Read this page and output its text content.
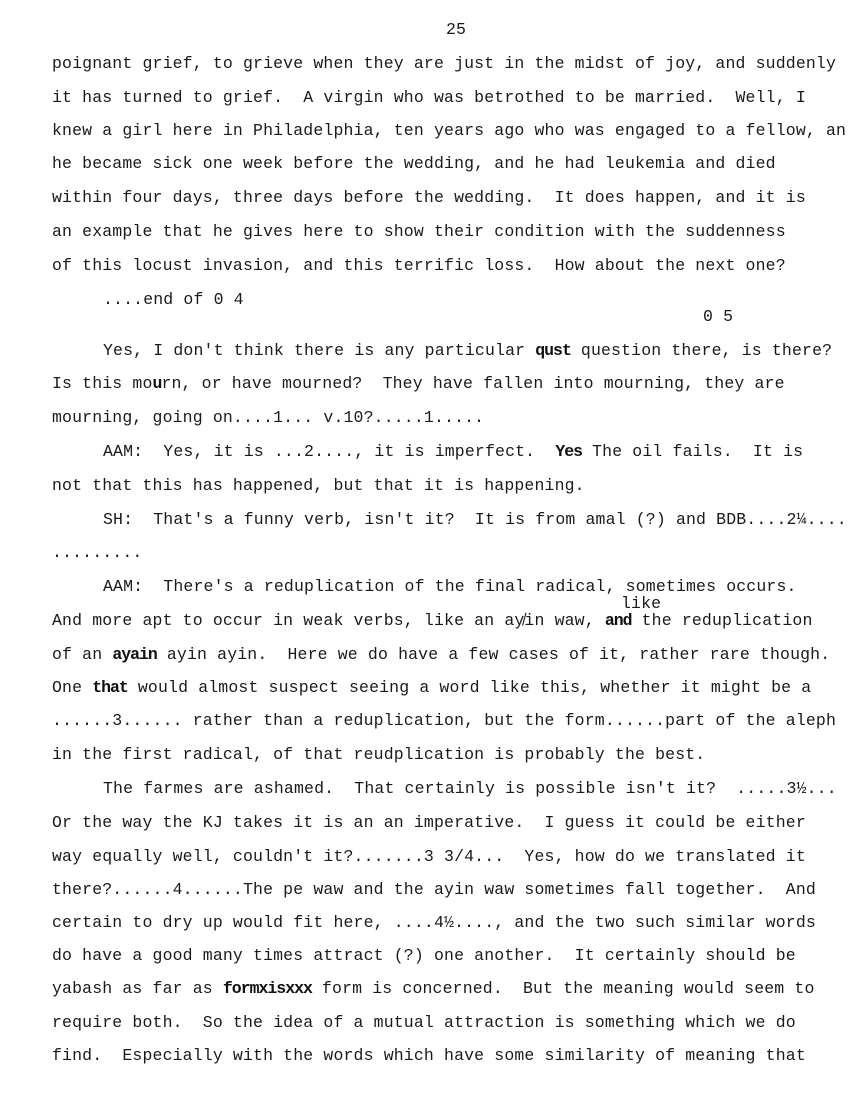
25
poignant grief, to grieve when they are just in the midst of joy, and suddenly
it has turned to grief.  A virgin who was betrothed to be married.  Well, I
knew a girl here in Philadelphia, ten years ago who was engaged to a fellow, an
he became sick one week before the wedding, and he had leukemia and died
within four days, three days before the wedding.  It does happen, and it is
an example that he gives here to show their condition with the suddenness
of this locust invasion, and this terrific loss.  How about the next one?
....end of 0 4
0 5
Yes, I don't think there is any particular qust question there, is there?
Is this mourn, or have mourned?  They have fallen into mourning, they are
mourning, going on....1... v.10?.....1.....
AAM:  Yes, it is ...2...., it is imperfect.  Yes The oil fails.  It is
not that this has happened, but that it is happening.
SH:  That's a funny verb, isn't it?  It is from amal (?) and BDB....2¼....
.........
AAM:  There's a reduplication of the final radical, sometimes occurs.
like
And more apt to occur in weak verbs, like an ay̸in waw, and the reduplication
of an ayain ayin ayin.  Here we do have a few cases of it, rather rare though.
One that would almost suspect seeing a word like this, whether it might be a
......3...... rather than a reduplication, but the form......part of the aleph
in the first radical, of that reudplication is probably the best.
The farmes are ashamed.  That certainly is possible isn't it?  .....3½...
Or the way the KJ takes it is an an imperative.  I guess it could be either
way equally well, couldn't it?.......3 3/4...  Yes, how do we translated it
there?......4......The pe waw and the ayin waw sometimes fall together.  And
certain to dry up would fit here, ....4½...., and the two such similar words
do have a good many times attract (?) one another.  It certainly should be
yabash as far as formxisxxx form is concerned.  But the meaning would seem to
require both.  So the idea of a mutual attraction is something which we do
find.  Especially with the words which have some similarity of meaning that
